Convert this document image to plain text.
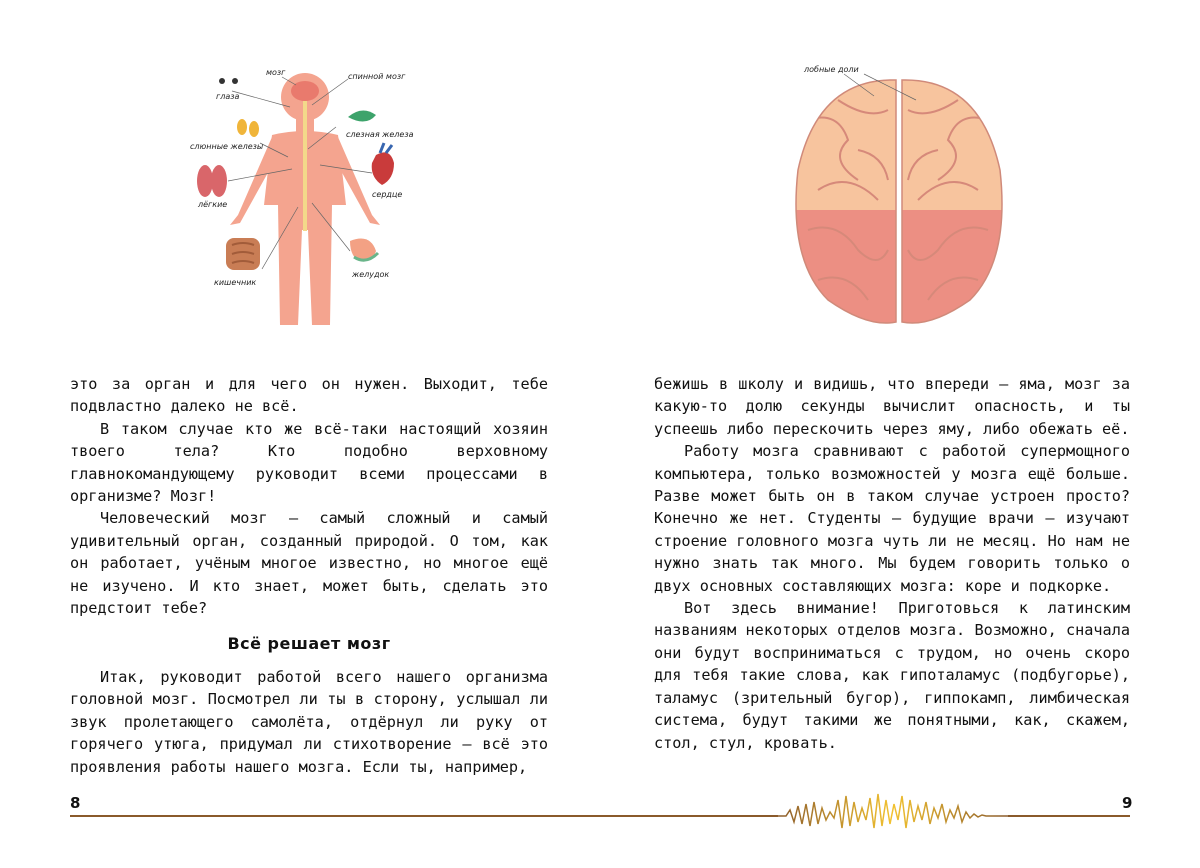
мозг	спинной мозг
глаза
слезная железа
слюнные железы
сердце
лёгкие
желудок
кишечник

это за орган и для чего он нужен. Выходит, тебе подвластно далеко не всё.

В таком случае кто же всё-таки настоящий хозяин твоего тела? Кто подобно верховному главнокомандующему руководит всеми процессами в организме? Мозг!

Человеческий мозг — самый сложный и самый удивительный орган, созданный природой. О том, как он работает, учёным многое известно, но многое ещё не изучено. И кто знает, может быть, сделать это предстоит тебе?

Всё решает мозг

Итак, руководит работой всего нашего организма головной мозг. Посмотрел ли ты в сторону, услышал ли звук пролетающего самолёта, отдёрнул ли руку от горячего утюга, придумал ли стихотворение — всё это проявления работы нашего мозга. Если ты, например,

8
лобные доли

бежишь в школу и видишь, что впереди — яма, мозг за какую-то долю секунды вычислит опасность, и ты успеешь либо перескочить через яму, либо обежать её.

Работу мозга сравнивают с работой супермощного компьютера, только возможностей у мозга ещё больше. Разве может быть он в таком случае устроен просто? Конечно же нет. Студенты — будущие врачи — изучают строение головного мозга чуть ли не месяц. Но нам не нужно знать так много. Мы будем говорить только о двух основных составляющих мозга: коре и подкорке.

Вот здесь внимание! Приготовься к латинским названиям некоторых отделов мозга. Возможно, сначала они будут восприниматься с трудом, но очень скоро для тебя такие слова, как гипоталамус (подбугорье), таламус (зрительный бугор), гиппокамп, лимбическая система, будут такими же понятными, как, скажем, стол, стул, кровать.

9
